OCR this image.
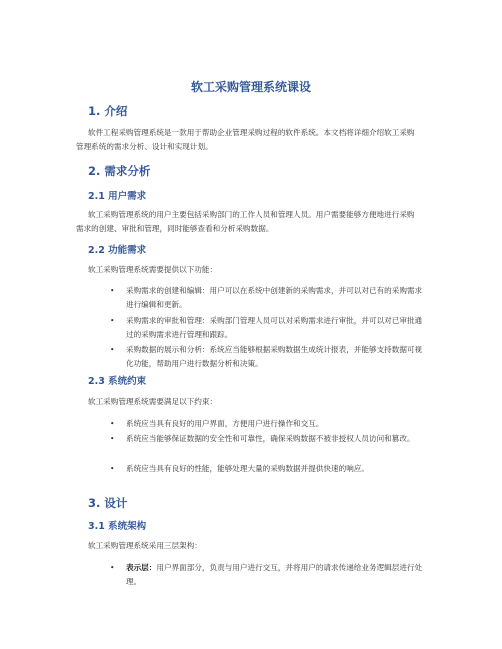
软工采购管理系统课设
1. 介绍

软件工程采购管理系统是一款用于帮助企业管理采购过程的软件系统。本文档将详细介绍软工采购管理系统的需求分析、设计和实现计划。

2. 需求分析
2.1 用户需求

软工采购管理系统的用户主要包括采购部门的工作人员和管理人员。用户需要能够方便地进行采购需求的创建、审批和管理，同时能够查看和分析采购数据。

2.2 功能需求

软工采购管理系统需要提供以下功能：

•	采购需求的创建和编辑：用户可以在系统中创建新的采购需求，并可以对已有的采购需求进行编辑和更新。
•	采购需求的审批和管理：采购部门管理人员可以对采购需求进行审批，并可以对已审批通过的采购需求进行管理和跟踪。
•	采购数据的展示和分析：系统应当能够根据采购数据生成统计报表，并能够支持数据可视化功能，帮助用户进行数据分析和决策。
2.3 系统约束

软工采购管理系统需要满足以下约束：

•	系统应当具有良好的用户界面，方便用户进行操作和交互。
•	系统应当能够保证数据的安全性和可靠性，确保采购数据不被非授权人员访问和篡改。
•	系统应当具有良好的性能，能够处理大量的采购数据并提供快速的响应。
3. 设计
3.1 系统架构

软工采购管理系统采用三层架构：

•	表示层：用户界面部分，负责与用户进行交互，并将用户的请求传递给业务逻辑层进行处理。
